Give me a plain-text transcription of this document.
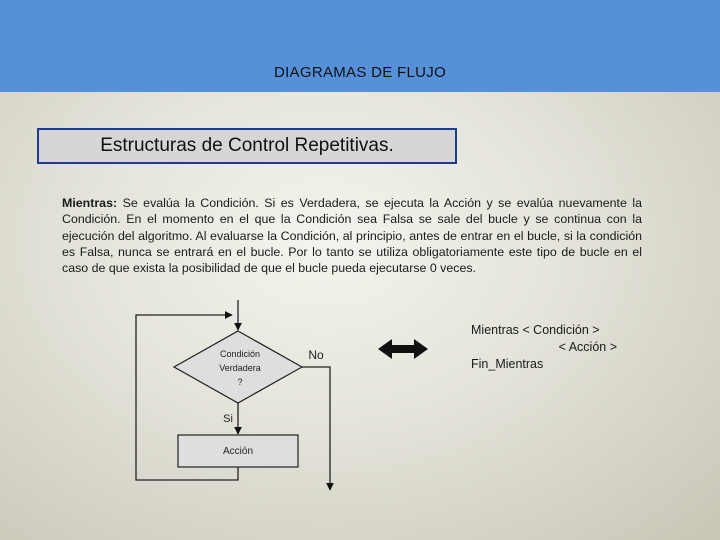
DIAGRAMAS DE FLUJO
Estructuras de Control Repetitivas.
Mientras: Se evalúa la Condición. Si es Verdadera, se ejecuta la Acción y se evalúa nuevamente la Condición. En el momento en el que la Condición sea Falsa se sale del bucle y se continua con la ejecución del algoritmo. Al evaluarse la Condición, al principio, antes de entrar en el bucle, si la condición es Falsa, nunca se entrará en el bucle. Por lo tanto se utiliza obligatoriamente este tipo de bucle en el caso de que exista la posibilidad de que el bucle pueda ejecutarse 0 veces.
Condición
Verdadera
?
No
Si
Acción
Mientras < Condición >
< Acción >
Fin_Mientras
16
